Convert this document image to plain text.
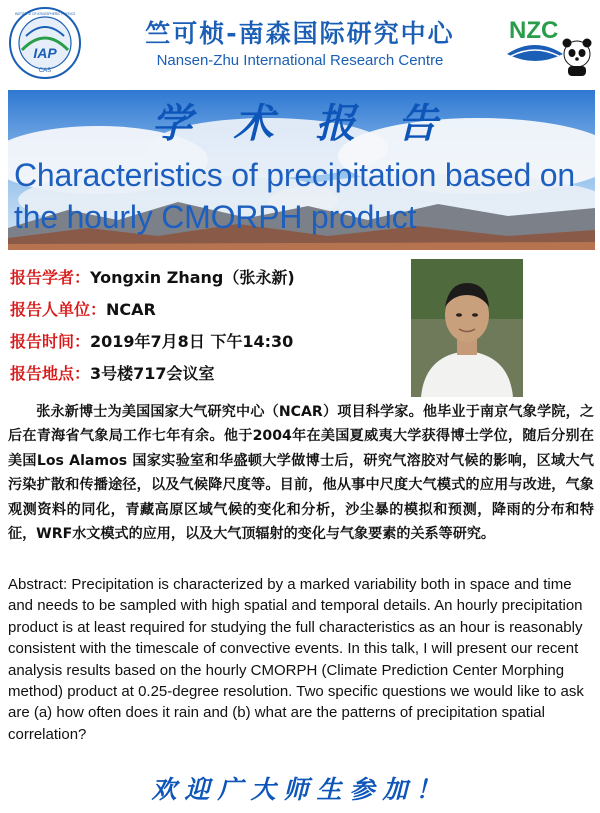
IAP
CAS
INSTITUTE OF ATMOSPHERIC PHYSICS
竺可桢-南森国际研究中心
Nansen-Zhu International Research Centre
NZC
学 术 报 告
Characteristics of precipitation based on the hourly CMORPH product
报告学者：Yongxin Zhang（张永新)
报告人单位：NCAR
报告时间：2019年7月8日 下午14:30
报告地点：3号楼717会议室
张永新博士为美国国家大气研究中心（NCAR）项目科学家。他毕业于南京气象学院，之后在青海省气象局工作七年有余。他于2004年在美国夏威夷大学获得博士学位，随后分别在美国Los Alamos 国家实验室和华盛顿大学做博士后，研究气溶胶对气候的影响，区域大气污染扩散和传播途径，以及气候降尺度等。目前，他从事中尺度大气模式的应用与改进，气象观测资料的同化，青藏高原区域气候的变化和分析，沙尘暴的模拟和预测，降雨的分布和特征，WRF水文模式的应用，以及大气顶辐射的变化与气象要素的关系等研究。
Abstract: Precipitation is characterized by a marked variability both in space and time and needs to be sampled with high spatial and temporal details. An hourly precipitation product is at least required for studying the full characteristics as an hour is reasonably consistent with the timescale of convective events. In this talk, I will present our recent analysis results based on the hourly CMORPH (Climate Prediction Center Morphing method) product at 0.25-degree resolution. Two specific questions we would like to ask are (a) how often does it rain and (b) what are the patterns of precipitation spatial correlation?
欢迎广大师生参加！
